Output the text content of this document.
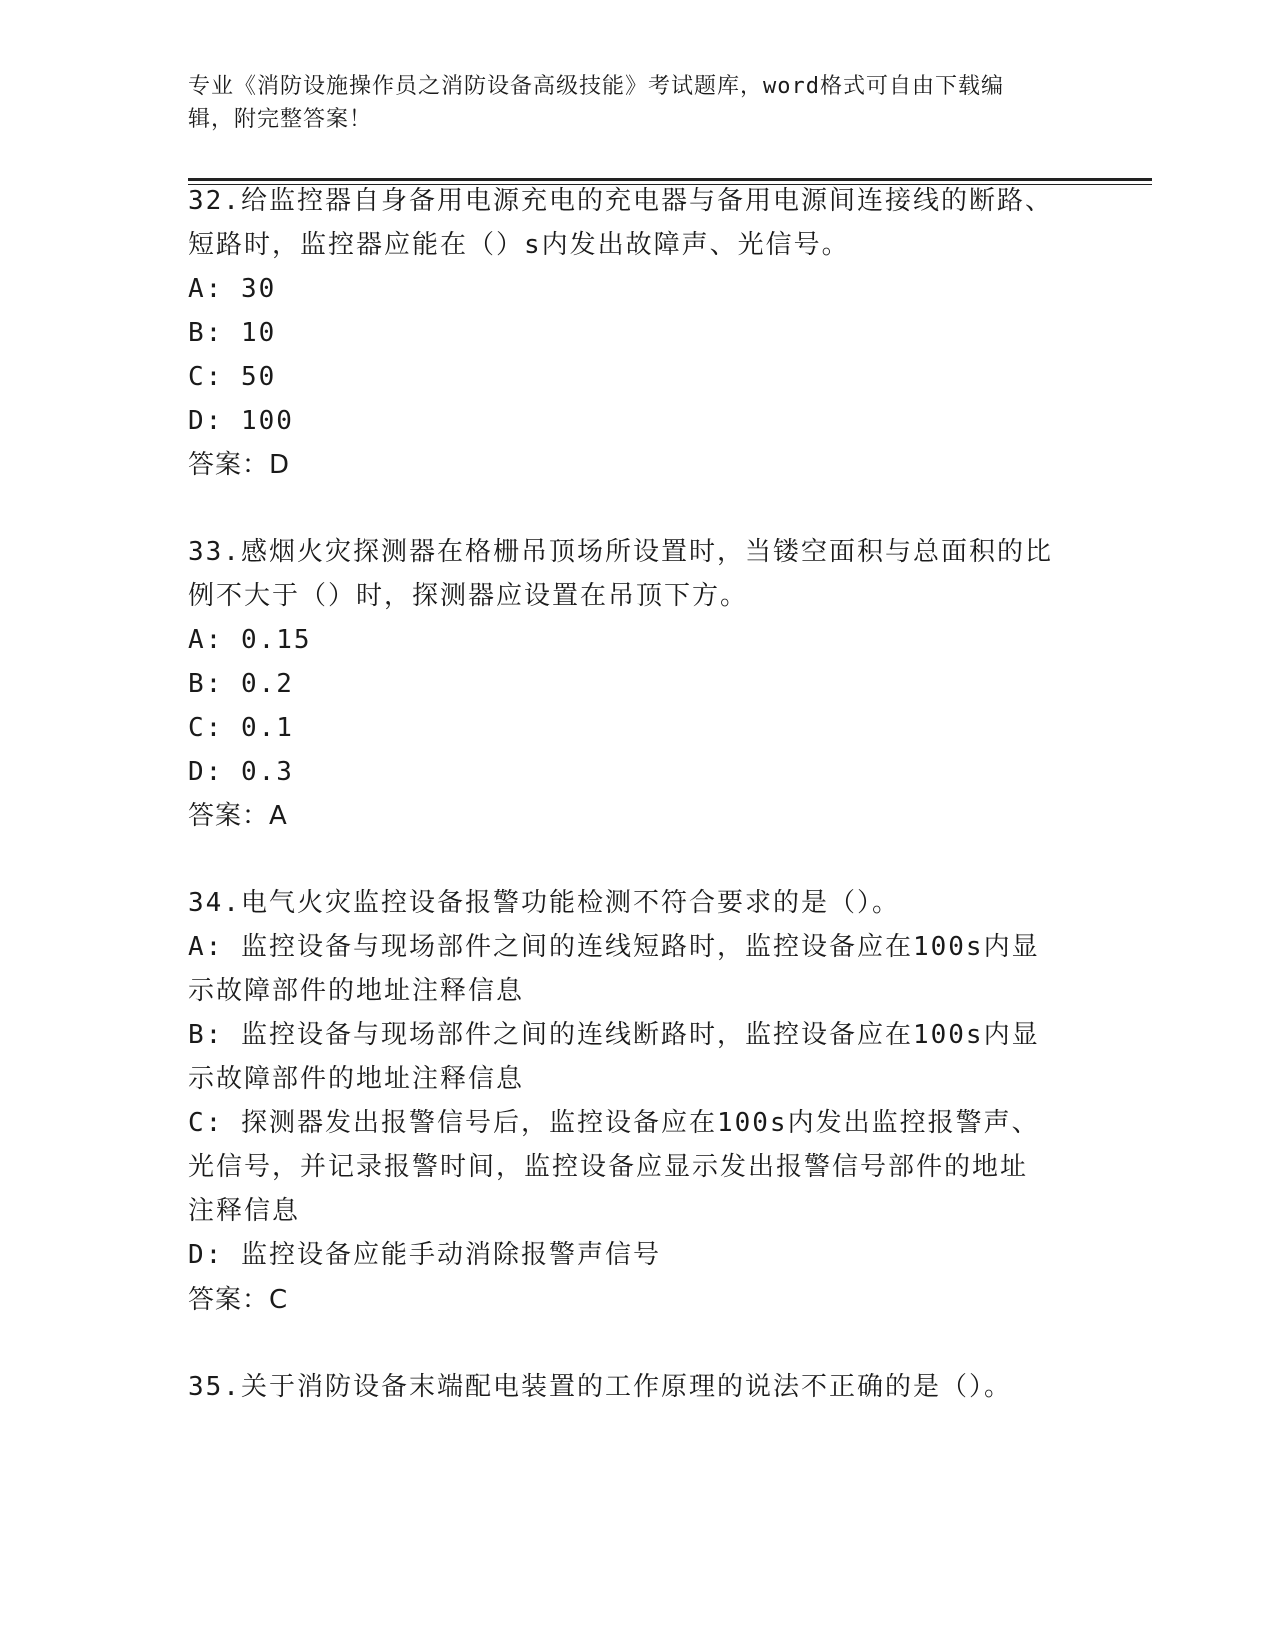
专业《消防设施操作员之消防设备高级技能》考试题库，word格式可自由下载编
辑，附完整答案！
32.给监控器自身备用电源充电的充电器与备用电源间连接线的断路、
短路时，监控器应能在（）s内发出故障声、光信号。
A: 30
B: 10
C: 50
D: 100
答案：D
33.感烟火灾探测器在格栅吊顶场所设置时，当镂空面积与总面积的比
例不大于（）时，探测器应设置在吊顶下方。
A: 0.15
B: 0.2
C: 0.1
D: 0.3
答案：A
34.电气火灾监控设备报警功能检测不符合要求的是（）。
A: 监控设备与现场部件之间的连线短路时，监控设备应在100s内显
示故障部件的地址注释信息
B: 监控设备与现场部件之间的连线断路时，监控设备应在100s内显
示故障部件的地址注释信息
C: 探测器发出报警信号后，监控设备应在100s内发出监控报警声、
光信号，并记录报警时间，监控设备应显示发出报警信号部件的地址
注释信息
D: 监控设备应能手动消除报警声信号
答案：C
35.关于消防设备末端配电装置的工作原理的说法不正确的是（）。
